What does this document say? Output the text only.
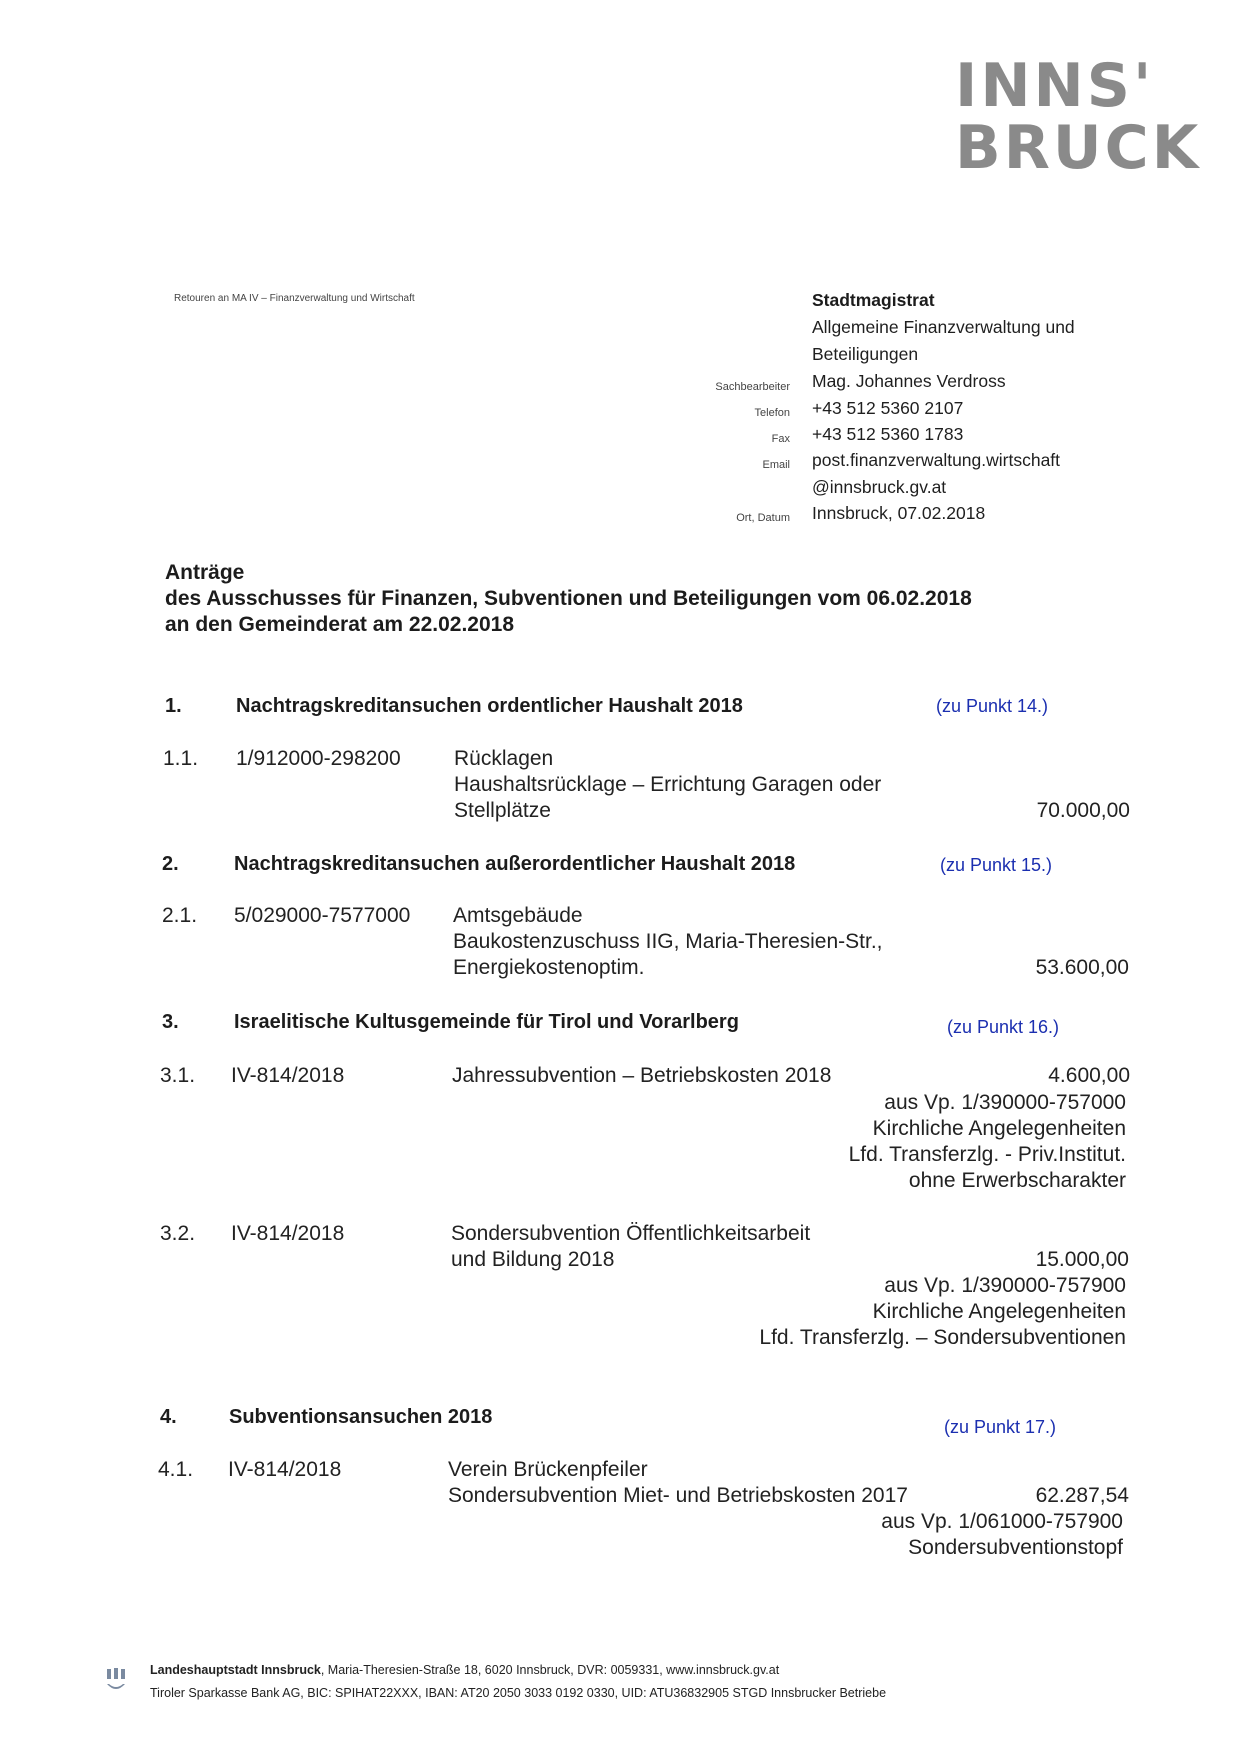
INNS'
BRUCK
Retouren an MA IV – Finanzverwaltung und Wirtschaft	Stadtmagistrat
Allgemeine Finanzverwaltung und
Beteiligungen
Sachbearbeiter Mag. Johannes Verdross
Telefon +43 512 5360 2107
Fax +43 512 5360 1783
Email post.finanzverwaltung.wirtschaft
@innsbruck.gv.at
Ort, Datum Innsbruck, 07.02.2018
Anträge
des Ausschusses für Finanzen, Subventionen und Beteiligungen vom 06.02.2018
an den Gemeinderat am 22.02.2018
1.	Nachtragskreditansuchen ordentlicher Haushalt 2018	(zu Punkt 14.)
1.1. 1/912000-298200	Rücklagen
Haushaltsrücklage – Errichtung Garagen oder
Stellplätze	70.000,00
2.	Nachtragskreditansuchen außerordentlicher Haushalt 2018	(zu Punkt 15.)
2.1. 5/029000-7577000 Amtsgebäude
Baukostenzuschuss IIG, Maria-Theresien-Str.,
Energiekostenoptim.	53.600,00
3.	Israelitische Kultusgemeinde für Tirol und Vorarlberg	(zu Punkt 16.)
3.1. IV-814/2018	Jahressubvention – Betriebskosten 2018	4.600,00
aus Vp. 1/390000-757000
Kirchliche Angelegenheiten
Lfd. Transferzlg. - Priv.Institut.
ohne Erwerbscharakter
3.2. IV-814/2018	Sondersubvention Öffentlichkeitsarbeit
und Bildung 2018	15.000,00
aus Vp. 1/390000-757900
Kirchliche Angelegenheiten
Lfd. Transferzlg. – Sondersubventionen
4.	Subventionsansuchen 2018	(zu Punkt 17.)
4.1. IV-814/2018	Verein Brückenpfeiler
Sondersubvention Miet- und Betriebskosten 2017	62.287,54
aus Vp. 1/061000-757900
Sondersubventionstopf
Landeshauptstadt Innsbruck, Maria-Theresien-Straße 18, 6020 Innsbruck, DVR: 0059331, www.innsbruck.gv.at
Tiroler Sparkasse Bank AG, BIC: SPIHAT22XXX, IBAN: AT20 2050 3033 0192 0330, UID: ATU36832905 STGD Innsbrucker Betriebe
